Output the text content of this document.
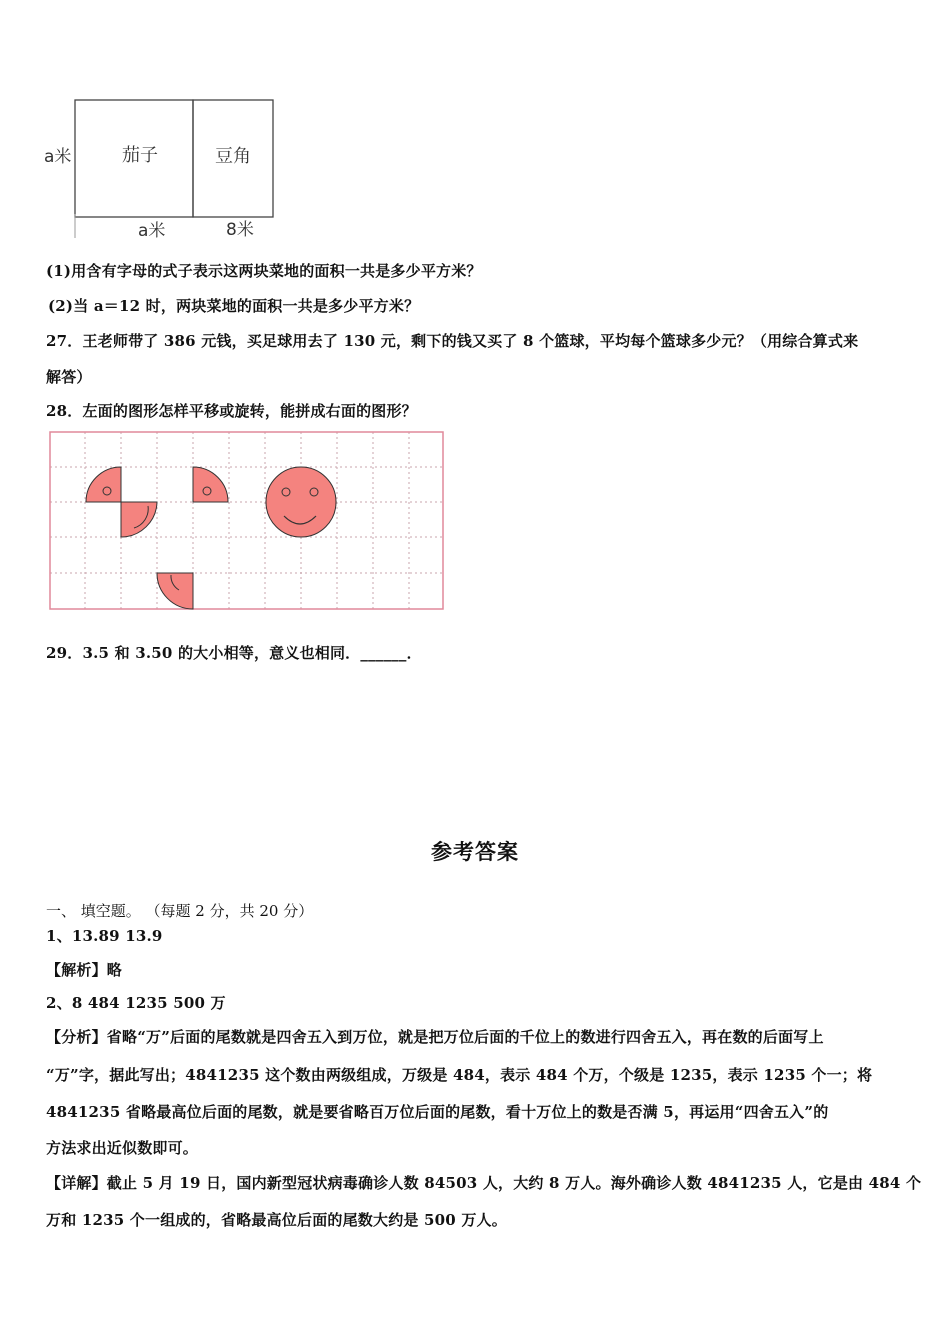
a米	茄子	豆角
a米	8米
(1)用含有字母的式子表示这两块菜地的面积一共是多少平方米？
(2)当 a＝12 时，两块菜地的面积一共是多少平方米？
27．王老师带了 386 元钱，买足球用去了 130 元，剩下的钱又买了 8 个篮球，平均每个篮球多少元？（用综合算式来
解答）
28．左面的图形怎样平移或旋转，能拼成右面的图形？
29．3.5 和 3.50 的大小相等，意义也相同．______．
参考答案
一、 填空题。 （每题 2 分，共 20 分）
1、13.89 13.9
【解析】略
2、8 484 1235 500 万
【分析】省略“万”后面的尾数就是四舍五入到万位，就是把万位后面的千位上的数进行四舍五入，再在数的后面写上
“万”字，据此写出；4841235 这个数由两级组成，万级是 484，表示 484 个万，个级是 1235，表示 1235 个一；将
4841235 省略最高位后面的尾数，就是要省略百万位后面的尾数，看十万位上的数是否满 5，再运用“四舍五入”的
方法求出近似数即可。
【详解】截止 5 月 19 日，国内新型冠状病毒确诊人数 84503 人，大约 8 万人。海外确诊人数 4841235 人，它是由 484 个
万和 1235 个一组成的，省略最高位后面的尾数大约是 500 万人。
